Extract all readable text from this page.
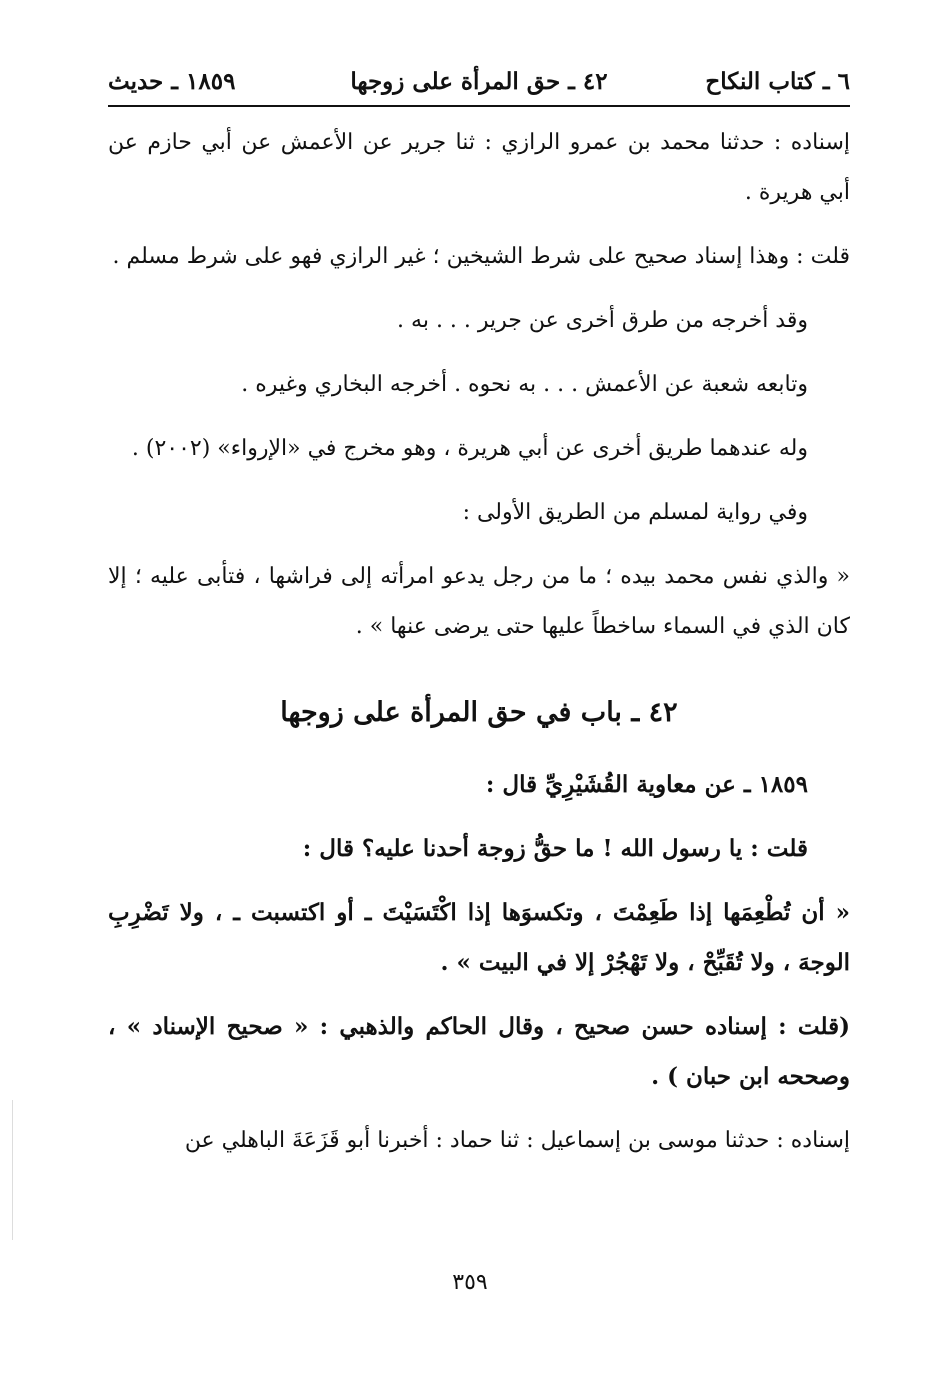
٦ ـ كتاب النكاح
٤٢ ـ حق المرأة على زوجها
١٨٥٩ ـ حديث

إسناده : حدثنا محمد بن عمرو الرازي : ثنا جرير عن الأعمش عن أبي حازم عن أبي هريرة .

قلت : وهذا إسناد صحيح على شرط الشيخين ؛ غير الرازي فهو على شرط مسلم .

وقد أخرجه من طرق أخرى عن جرير . . . به .

وتابعه شعبة عن الأعمش . . . به نحوه . أخرجه البخاري وغيره .

وله عندهما طريق أخرى عن أبي هريرة ، وهو مخرج في «الإرواء» (٢٠٠٢) .

وفي رواية لمسلم من الطريق الأولى :

« والذي نفس محمد بيده ؛ ما من رجل يدعو امرأته إلى فراشها ، فتأبى عليه ؛ إلا كان الذي في السماء ساخطاً عليها حتى يرضى عنها » .

٤٢ ـ باب في حق المرأة على زوجها

١٨٥٩ ـ عن معاوية القُشَيْرِيِّ قال :

قلت : يا رسول الله ! ما حقُّ زوجة أحدنا عليه؟ قال :

« أن تُطْعِمَها إذا طَعِمْتَ ، وتكسوَها إذا اكْتَسَيْتَ ـ أو اكتسبت ـ ، ولا تَضْرِبِ الوجهَ ، ولا تُقَبِّحْ ، ولا تَهْجُرْ إلا في البيت » .

(قلت : إسناده حسن صحيح ، وقال الحاكم والذهبي : « صحيح الإسناد » ، وصححه ابن حبان ) .

إسناده : حدثنا موسى بن إسماعيل : ثنا حماد : أخبرنا أبو قَزَعَةَ الباهلي عن

٣٥٩
